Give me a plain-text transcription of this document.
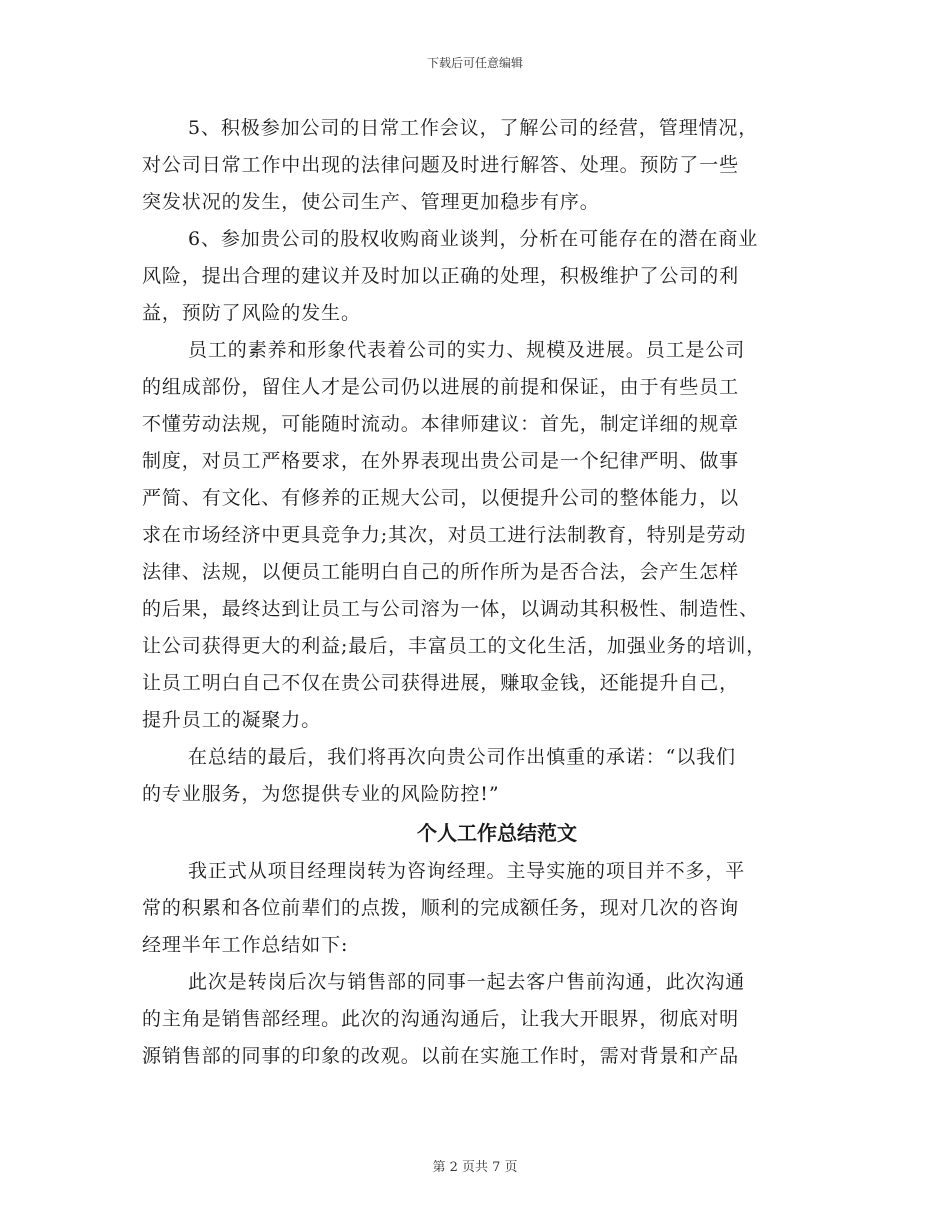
下载后可任意编辑
5、积极参加公司的日常工作会议，了解公司的经营，管理情况，
对公司日常工作中出现的法律问题及时进行解答、处理。预防了一些
突发状况的发生，使公司生产、管理更加稳步有序。
6、参加贵公司的股权收购商业谈判，分析在可能存在的潜在商业
风险，提出合理的建议并及时加以正确的处理，积极维护了公司的利
益，预防了风险的发生。
员工的素养和形象代表着公司的实力、规模及进展。员工是公司
的组成部份，留住人才是公司仍以进展的前提和保证，由于有些员工
不懂劳动法规，可能随时流动。本律师建议：首先，制定详细的规章
制度，对员工严格要求，在外界表现出贵公司是一个纪律严明、做事
严简、有文化、有修养的正规大公司，以便提升公司的整体能力，以
求在市场经济中更具竞争力;其次，对员工进行法制教育，特别是劳动
法律、法规，以便员工能明白自己的所作所为是否合法，会产生怎样
的后果，最终达到让员工与公司溶为一体，以调动其积极性、制造性、
让公司获得更大的利益;最后，丰富员工的文化生活，加强业务的培训，
让员工明白自己不仅在贵公司获得进展，赚取金钱，还能提升自己，
提升员工的凝聚力。
在总结的最后，我们将再次向贵公司作出慎重的承诺：“以我们
的专业服务，为您提供专业的风险防控!”
个人工作总结范文
我正式从项目经理岗转为咨询经理。主导实施的项目并不多，平
常的积累和各位前辈们的点拨，顺利的完成额任务，现对几次的咨询
经理半年工作总结如下:
此次是转岗后次与销售部的同事一起去客户售前沟通，此次沟通
的主角是销售部经理。此次的沟通沟通后，让我大开眼界，彻底对明
源销售部的同事的印象的改观。以前在实施工作时，需对背景和产品
第 2 页共 7 页
